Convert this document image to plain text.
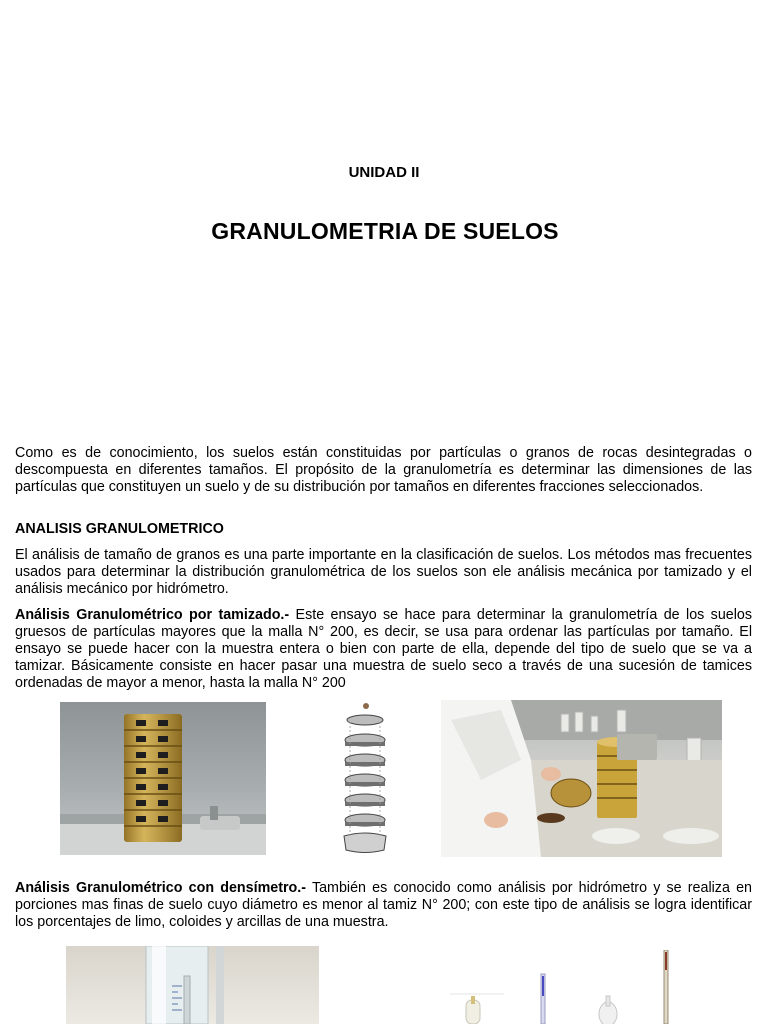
UNIDAD II
GRANULOMETRIA DE SUELOS

Como es de conocimiento, los suelos están constituidas por partículas o granos de rocas desintegradas o descompuesta en diferentes tamaños. El propósito de la granulometría es determinar las dimensiones de las partículas que constituyen un suelo y de su distribución por tamaños en diferentes fracciones seleccionados.

ANALISIS GRANULOMETRICO

El análisis de tamaño de granos es una parte importante en la clasificación de suelos. Los métodos mas frecuentes usados para determinar la distribución granulométrica de los suelos son ele análisis mecánica por tamizado y el análisis mecánico por hidrómetro.

Análisis Granulométrico por tamizado.- Este ensayo se hace para determinar la granulometría de los suelos gruesos de partículas mayores que la malla N° 200, es decir, se usa para ordenar las partículas por tamaño. El ensayo se puede hacer con la muestra entera o bien con parte de ella, depende del tipo de suelo que se va a tamizar. Básicamente consiste en hacer pasar una muestra de suelo seco a través de una sucesión de tamices ordenadas de mayor a menor, hasta la malla N° 200

Análisis Granulométrico con densímetro.- También es conocido como análisis por hidrómetro y se realiza en porciones mas finas de suelo cuyo diámetro es menor al tamiz N° 200; con este tipo de análisis se logra identificar los porcentajes de limo, coloides y arcillas de una muestra.
